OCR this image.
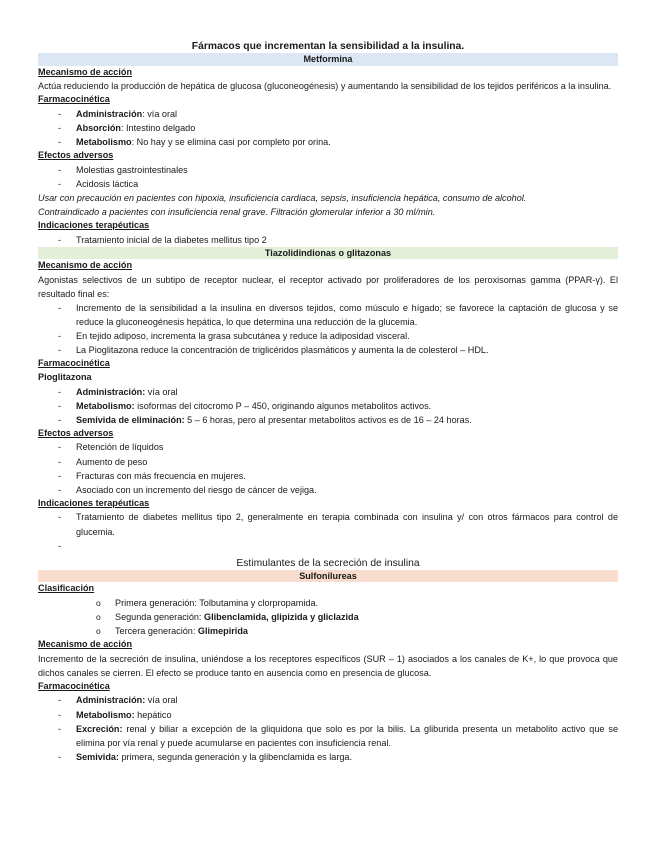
Fármacos que incrementan la sensibilidad a la insulina.
Metformina
Mecanismo de acción
Actúa reduciendo la producción de hepática de glucosa (gluconeogénesis) y aumentando la sensibilidad de los tejidos periféricos a la insulina.
Farmacocinética
- Administración: vía oral
- Absorción: Intestino delgado
- Metabolismo: No hay y se elimina casi por completo por orina.
Efectos adversos
- Molestias gastrointestinales
- Acidosis láctica
Usar con precaución en pacientes con hipoxia, insuficiencia cardiaca, sepsis, insuficiencia hepática, consumo de alcohol.
Contraindicado a pacientes con insuficiencia renal grave. Filtración glomerular inferior a 30 ml/min.
Indicaciones terapéuticas
- Tratamiento inicial de la diabetes mellitus tipo 2
Tiazolidindionas o glitazonas
Mecanismo de acción
Agonistas selectivos de un subtipo de receptor nuclear, el receptor activado por proliferadores de los peroxisomas gamma (PPAR-γ). El resultado final es:
- Incremento de la sensibilidad a la insulina en diversos tejidos, como músculo e hígado; se favorece la captación de glucosa y se reduce la gluconeogénesis hepática, lo que determina una reducción de la glucemia.
- En tejido adiposo, incrementa la grasa subcutánea y reduce la adiposidad visceral.
- La Pioglitazona reduce la concentración de triglicéridos plasmáticos y aumenta la de colesterol – HDL.
Farmacocinética
Pioglitazona
- Administración: vía oral
- Metabolismo: isoformas del citocromo P – 450, originando algunos metabolitos activos.
- Semivida de eliminación: 5 – 6 horas, pero al presentar metabolitos activos es de 16 – 24 horas.
Efectos adversos
- Retención de líquidos
- Aumento de peso
- Fracturas con más frecuencia en mujeres.
- Asociado con un incremento del riesgo de cáncer de vejiga.
Indicaciones terapéuticas
- Tratamiento de diabetes mellitus tipo 2, generalmente en terapia combinada con insulina y/ con otros fármacos para control de glucemia.
-
Estimulantes de la secreción de insulina
Sulfonilureas
Clasificación
o Primera generación: Tolbutamina y clorpropamida.
o Segunda generación: Glibenclamida, glipizida y gliclazida
o Tercera generación: Glimepirida
Mecanismo de acción
Incremento de la secreción de insulina, uniéndose a los receptores específicos (SUR – 1) asociados a los canales de K+, lo que provoca que dichos canales se cierren. El efecto se produce tanto en ausencia como en presencia de glucosa.
Farmacocinética
- Administración: vía oral
- Metabolismo: hepático
- Excreción: renal y biliar a excepción de la gliquidona que solo es por la bilis. La gliburida presenta un metabolito activo que se elimina por vía renal y puede acumularse en pacientes con insuficiencia renal.
- Semivida: primera, segunda generación y la glibenclamida es larga.
